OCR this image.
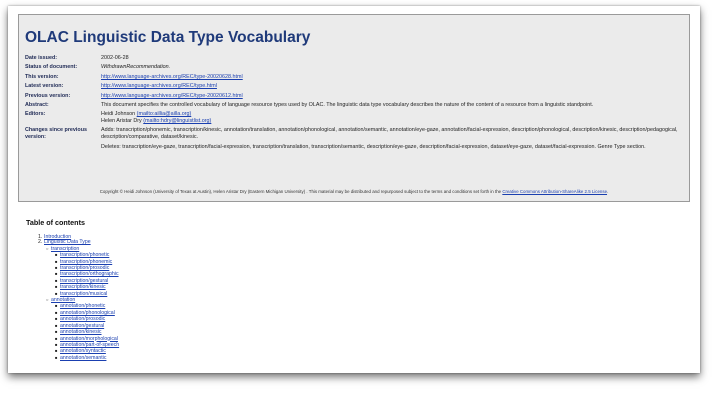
OLAC Linguistic Data Type Vocabulary
Date issued:	2002-06-28
Status of document:	WithdrawnRecommendation.
This version:	http://www.language-archives.org/REC/type-20020628.html
Latest version:	http://www.language-archives.org/REC/type.html
Previous version:	http://www.language-archives.org/REC/type-20020612.html
Abstract:	This document specifies the controlled vocabulary of language resource types used by OLAC. The linguistic data type vocabulary describes the nature of the content of a resource from a linguistic standpoint.
Editors:	Heidi Johnson (mailto:aillia@ailla.org)
Helen Aristar Dry (mailto:hdry@linguistlist.org)
Changes since previous version:
Adds: transcription/phonemic, transcription/kinesic, annotation/translation, annotation/phonological, annotation/semantic, annotation/eye-gaze, annotation/facial-expression, description/phonological, description/kinesic, description/pedagogical, description/comparative, dataset/kinesic.
Deletes: transcription/eye-gaze, transcription/facial-expression, transcription/translation, transcription/semantic, description/eye-gaze, description/facial-expression, dataset/eye-gaze, dataset/facial-expression. Genre Type section.
Copyright © Heidi Johnson (University of Texas at Austin), Helen Aristar Dry (Eastern Michigan University) . This material may be distributed and repurposed subject to the terms and conditions set forth in the Creative Commons Attribution-ShareAlike 2.5 License.
Table of contents
1. Introduction
2. Linguistic Data Type
○ transcription
■ transcription/phonetic
■ transcription/phonemic
■ transcription/prosodic
■ transcription/orthographic
■ transcription/gestural
■ transcription/kinesic
■ transcription/musical
○ annotation
■ annotation/phonetic
■ annotation/phonological
■ annotation/prosodic
■ annotation/gestural
■ annotation/kinesic
■ annotation/morphological
■ annotation/part-of-speech
■ annotation/syntactic
■ annotation/semantic
